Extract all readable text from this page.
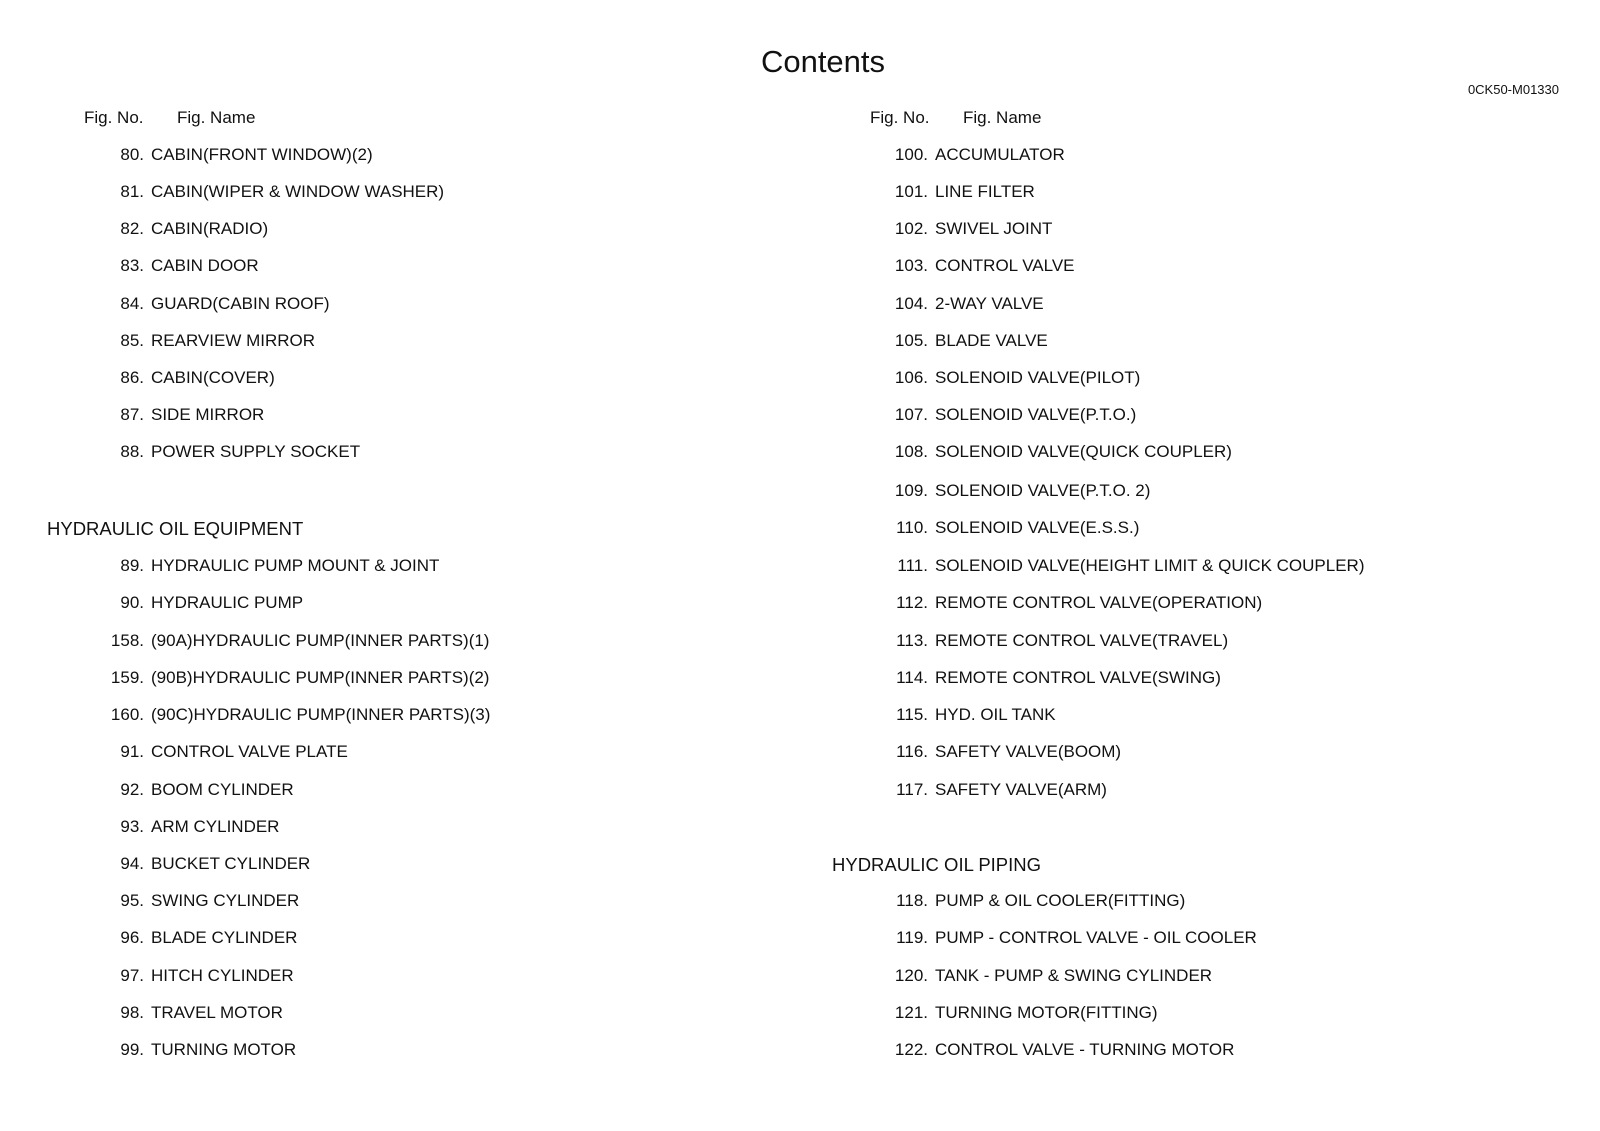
Contents
0CK50-M01330
Fig. No. Fig. Name	Fig. No. Fig. Name
80. CABIN(FRONT WINDOW)(2)
81. CABIN(WIPER & WINDOW WASHER)
82. CABIN(RADIO)
83. CABIN DOOR
84. GUARD(CABIN ROOF)
85. REARVIEW MIRROR
86. CABIN(COVER)
87. SIDE MIRROR
88. POWER SUPPLY SOCKET
HYDRAULIC OIL EQUIPMENT
89. HYDRAULIC PUMP MOUNT & JOINT
90. HYDRAULIC PUMP
158. (90A)HYDRAULIC PUMP(INNER PARTS)(1)
159. (90B)HYDRAULIC PUMP(INNER PARTS)(2)
160. (90C)HYDRAULIC PUMP(INNER PARTS)(3)
91. CONTROL VALVE PLATE
92. BOOM CYLINDER
93. ARM CYLINDER
94. BUCKET CYLINDER
95. SWING CYLINDER
96. BLADE CYLINDER
97. HITCH CYLINDER
98. TRAVEL MOTOR
99. TURNING MOTOR
100. ACCUMULATOR
101. LINE FILTER
102. SWIVEL JOINT
103. CONTROL VALVE
104. 2-WAY VALVE
105. BLADE VALVE
106. SOLENOID VALVE(PILOT)
107. SOLENOID VALVE(P.T.O.)
108. SOLENOID VALVE(QUICK COUPLER)
109. SOLENOID VALVE(P.T.O. 2)
110. SOLENOID VALVE(E.S.S.)
111. SOLENOID VALVE(HEIGHT LIMIT & QUICK COUPLER)
112. REMOTE CONTROL VALVE(OPERATION)
113. REMOTE CONTROL VALVE(TRAVEL)
114. REMOTE CONTROL VALVE(SWING)
115. HYD. OIL TANK
116. SAFETY VALVE(BOOM)
117. SAFETY VALVE(ARM)
HYDRAULIC OIL PIPING
118. PUMP & OIL COOLER(FITTING)
119. PUMP - CONTROL VALVE - OIL COOLER
120. TANK - PUMP & SWING CYLINDER
121. TURNING MOTOR(FITTING)
122. CONTROL VALVE - TURNING MOTOR
